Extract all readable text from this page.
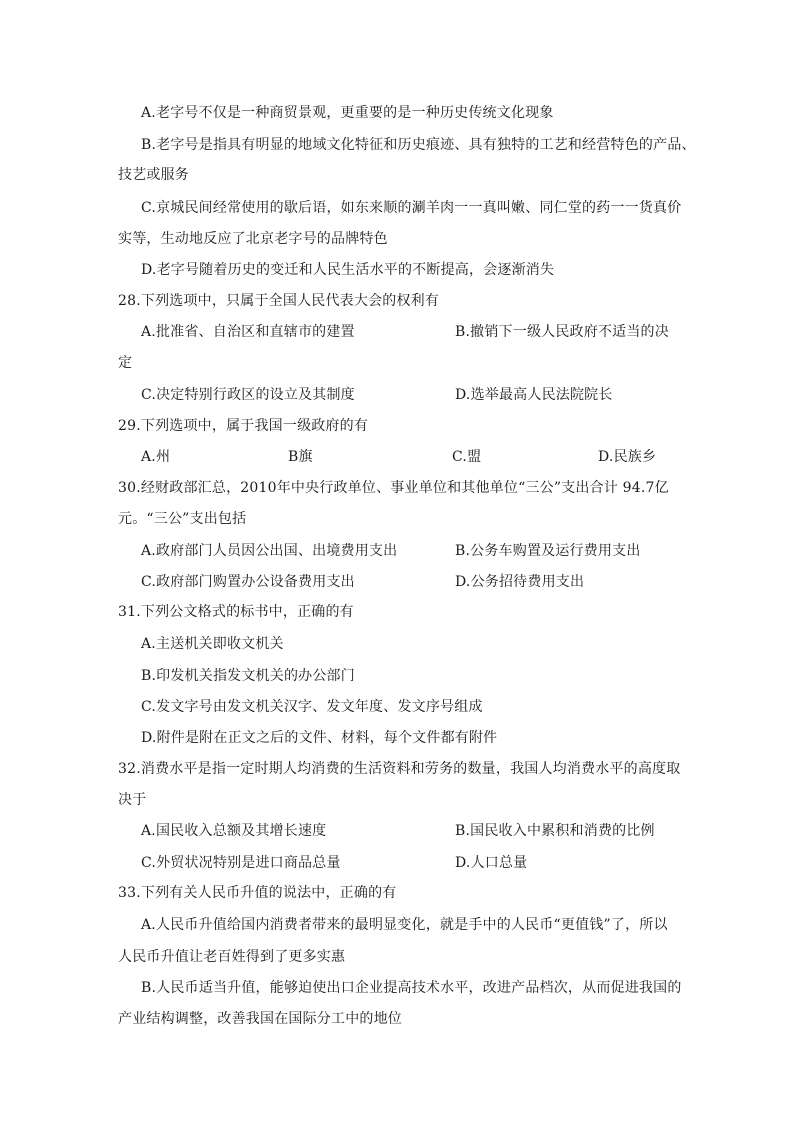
A.老字号不仅是一种商贸景观，更重要的是一种历史传统文化现象
B.老字号是指具有明显的地域文化特征和历史痕迹、具有独特的工艺和经营特色的产品、
技艺或服务
C.京城民间经常使用的歇后语，如东来顺的涮羊肉一一真叫嫩、同仁堂的药一一货真价
实等，生动地反应了北京老字号的品牌特色
D.老字号随着历史的变迁和人民生活水平的不断提高，会逐渐消失
28.下列选项中，只属于全国人民代表大会的权利有
A.批准省、自治区和直辖市的建置	B.撤销下一级人民政府不适当的决
定
C.决定特别行政区的设立及其制度	D.选举最高人民法院院长
29.下列选项中，属于我国一级政府的有
A.州	B旗	C.盟	D.民族乡
30.经财政部汇总，2010年中央行政单位、事业单位和其他单位“三公”支出合计 94.7亿
元。“三公”支出包括
A.政府部门人员因公出国、出境费用支出	B.公务车购置及运行费用支出
C.政府部门购置办公设备费用支出	D.公务招待费用支出
31.下列公文格式的标书中，正确的有
A.主送机关即收文机关
B.印发机关指发文机关的办公部门
C.发文字号由发文机关汉字、发文年度、发文序号组成
D.附件是附在正文之后的文件、材料，每个文件都有附件
32.消费水平是指一定时期人均消费的生活资料和劳务的数量，我国人均消费水平的高度取
决于
A.国民收入总额及其增长速度	B.国民收入中累积和消费的比例
C.外贸状况特别是进口商品总量	D.人口总量
33.下列有关人民币升值的说法中，正确的有
A.人民币升值给国内消费者带来的最明显变化，就是手中的人民币“更值钱”了，所以
人民币升值让老百姓得到了更多实惠
B.人民币适当升值，能够迫使出口企业提高技术水平，改进产品档次，从而促进我国的
产业结构调整，改善我国在国际分工中的地位
